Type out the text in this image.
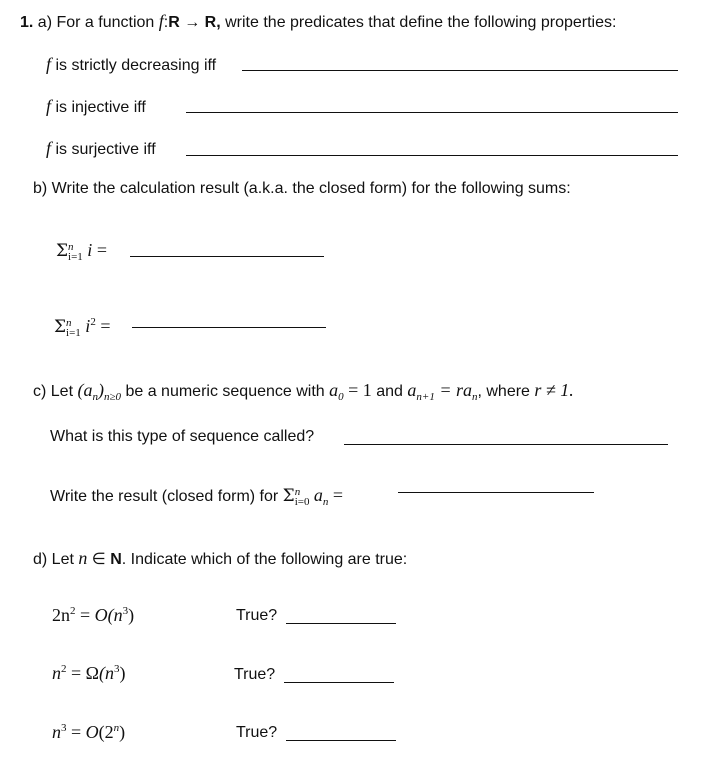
1. a) For a function f:R → R, write the predicates that define the following properties:
f is strictly decreasing iff
f is injective iff
f is surjective iff
b) Write the calculation result (a.k.a. the closed form) for the following sums:
Σ n
i=1 i =
Σ n
i=1 $i^2$ =
c) Let $(a_n)_{n\ge 0}$ be a numeric sequence with $a_0 = 1$ and $a_{n+1} = ra_n$, where r ≠ 1.
What is this type of sequence called?
Write the result (closed form) for Σ n
i=0 $a_n$ =
d) Let n ∈ N. Indicate which of the following are true:
$2n^2 = O(n^3)$	True?
$n^2 = \Omega(n^3)$	True?
$n^3 = O(2^n)$	True?
